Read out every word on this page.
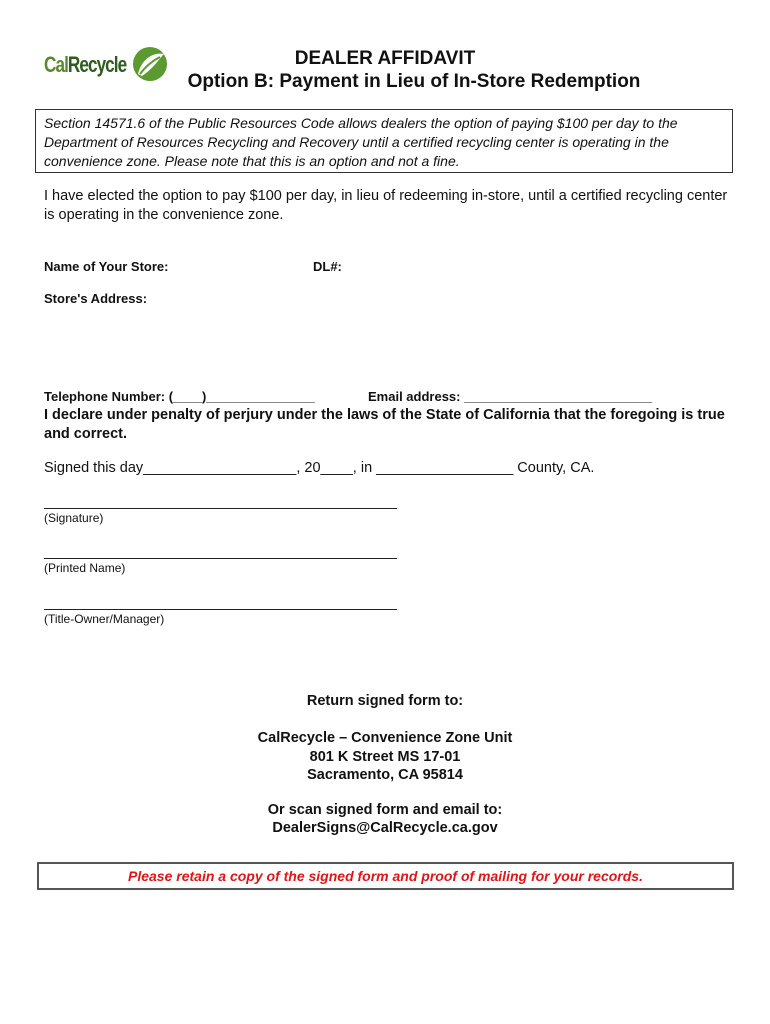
CalRecycle	DEALER AFFIDAVIT
Option B: Payment in Lieu of In-Store Redemption
Section 14571.6 of the Public Resources Code allows dealers the option of paying $100 per day to the Department of Resources Recycling and Recovery until a certified recycling center is operating in the convenience zone. Please note that this is an option and not a fine.
I have elected the option to pay $100 per day, in lieu of redeeming in-store, until a certified recycling center is operating in the convenience zone.
Name of Your Store:	DL#:
Store's Address:
Telephone Number: (____)_______________	Email address: __________________________
I declare under penalty of perjury under the laws of the State of California that the foregoing is true and correct.
Signed this day___________________, 20____, in _________________ County, CA.
(Signature)
(Printed Name)
(Title-Owner/Manager)
Return signed form to:
CalRecycle – Convenience Zone Unit
801 K Street MS 17-01
Sacramento, CA 95814
Or scan signed form and email to:
DealerSigns@CalRecycle.ca.gov
Please retain a copy of the signed form and proof of mailing for your records.
